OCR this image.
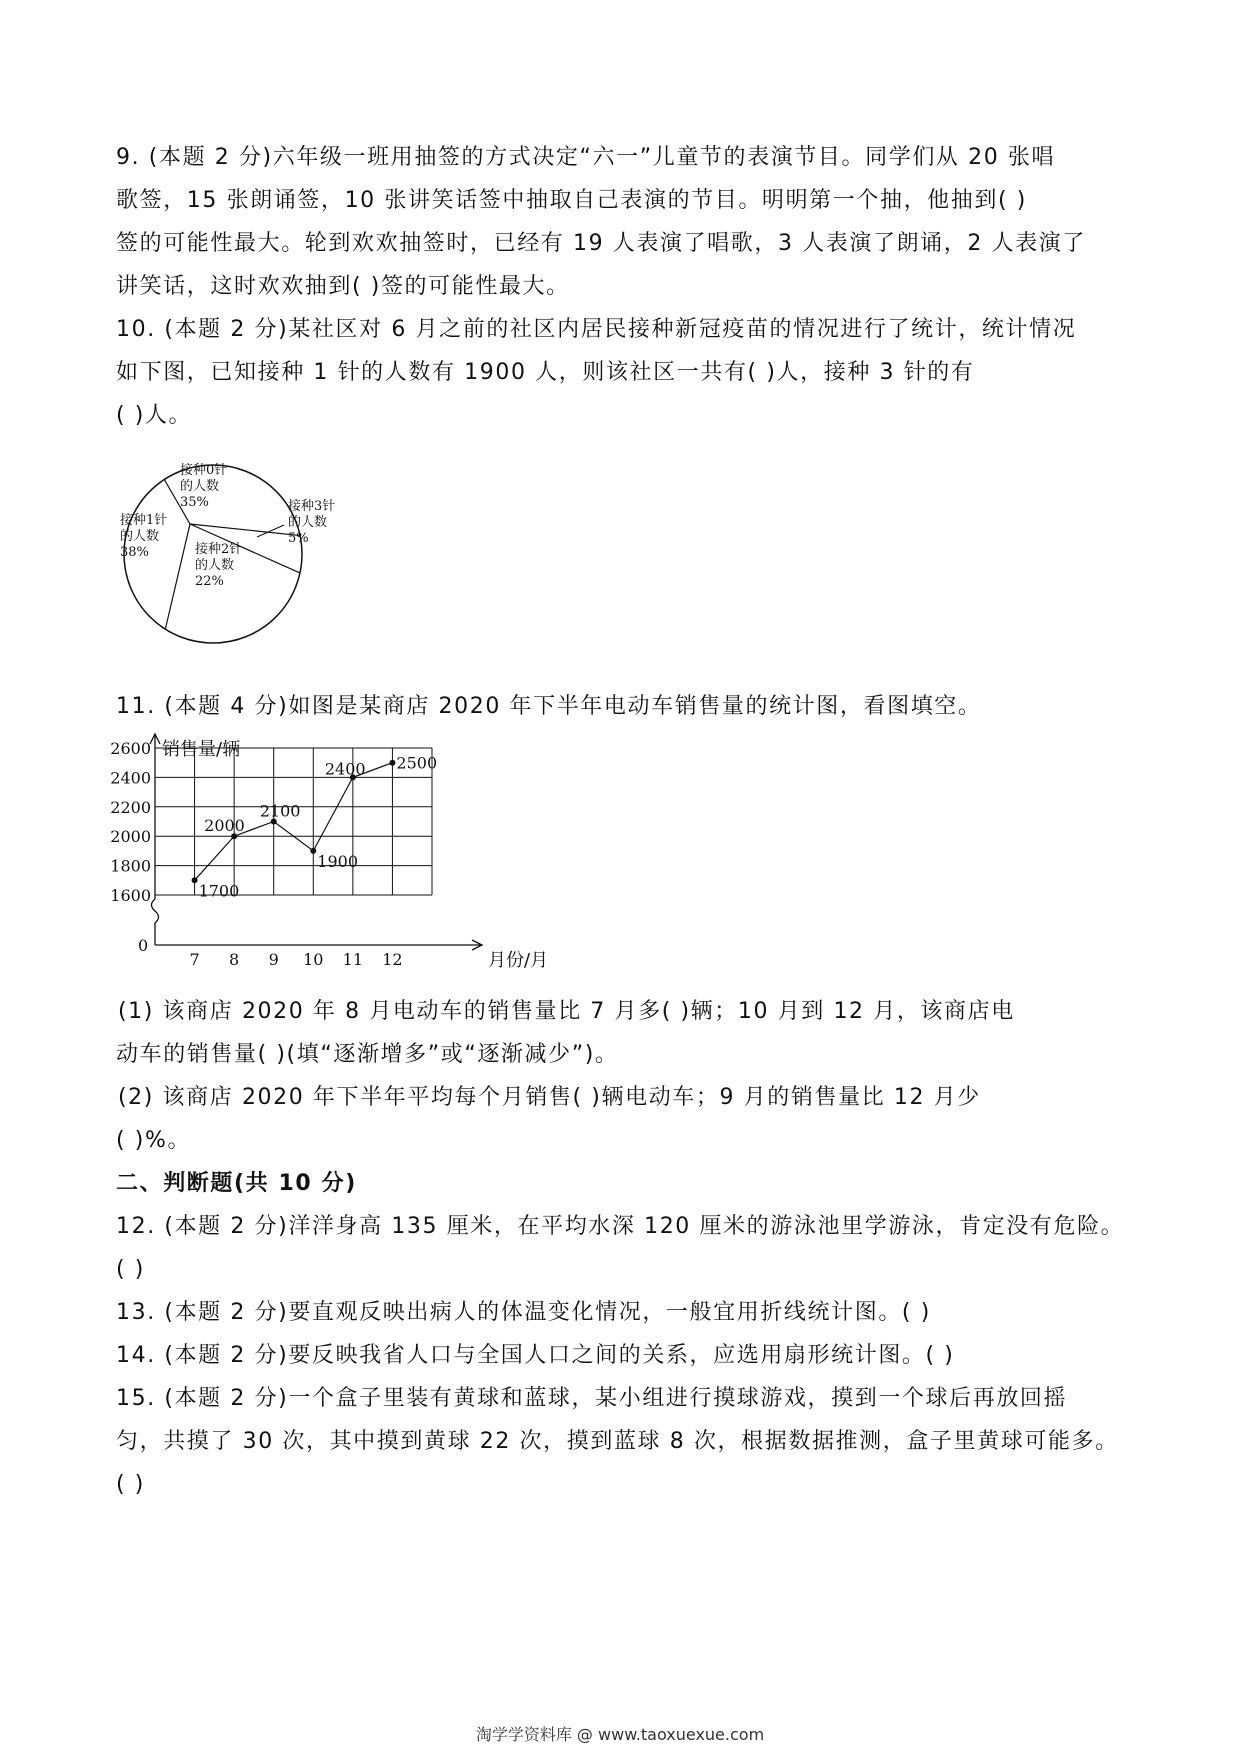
9. (本题 2 分)六年级一班用抽签的方式决定“六一”儿童节的表演节目。同学们从 20 张唱
歌签，15 张朗诵签，10 张讲笑话签中抽取自己表演的节目。明明第一个抽，他抽到( )
签的可能性最大。轮到欢欢抽签时，已经有 19 人表演了唱歌，3 人表演了朗诵，2 人表演了
讲笑话，这时欢欢抽到( )签的可能性最大。
10. (本题 2 分)某社区对 6 月之前的社区内居民接种新冠疫苗的情况进行了统计，统计情况
如下图，已知接种 1 针的人数有 1900 人，则该社区一共有( )人，接种 3 针的有
( )人。
接种0针
的人数
35%	接种3针
的人数
5%
接种2针
的人数
22%
接种1针
的人数
38%
11. (本题 4 分)如图是某商店 2020 年下半年电动车销售量的统计图，看图填空。
2600
2400
2200
2000
1800
1600
7 8 9 10 11 12
1700
2000
2100
1900
2400 2500
销售量/辆
月份/月
0
(1) 该商店 2020 年 8 月电动车的销售量比 7 月多( )辆；10 月到 12 月，该商店电
动车的销售量( )(填“逐渐增多”或“逐渐减少”)。
(2) 该商店 2020 年下半年平均每个月销售( )辆电动车；9 月的销售量比 12 月少
( )%。
二、判断题(共 10 分)
12. (本题 2 分)洋洋身高 135 厘米，在平均水深 120 厘米的游泳池里学游泳，肯定没有危险。
( )
13. (本题 2 分)要直观反映出病人的体温变化情况，一般宜用折线统计图。( )
14. (本题 2 分)要反映我省人口与全国人口之间的关系，应选用扇形统计图。( )
15. (本题 2 分)一个盒子里装有黄球和蓝球，某小组进行摸球游戏，摸到一个球后再放回摇
匀，共摸了 30 次，其中摸到黄球 22 次，摸到蓝球 8 次，根据数据推测，盒子里黄球可能多。
( )
淘学学资料库 @ www.taoxuexue.com
